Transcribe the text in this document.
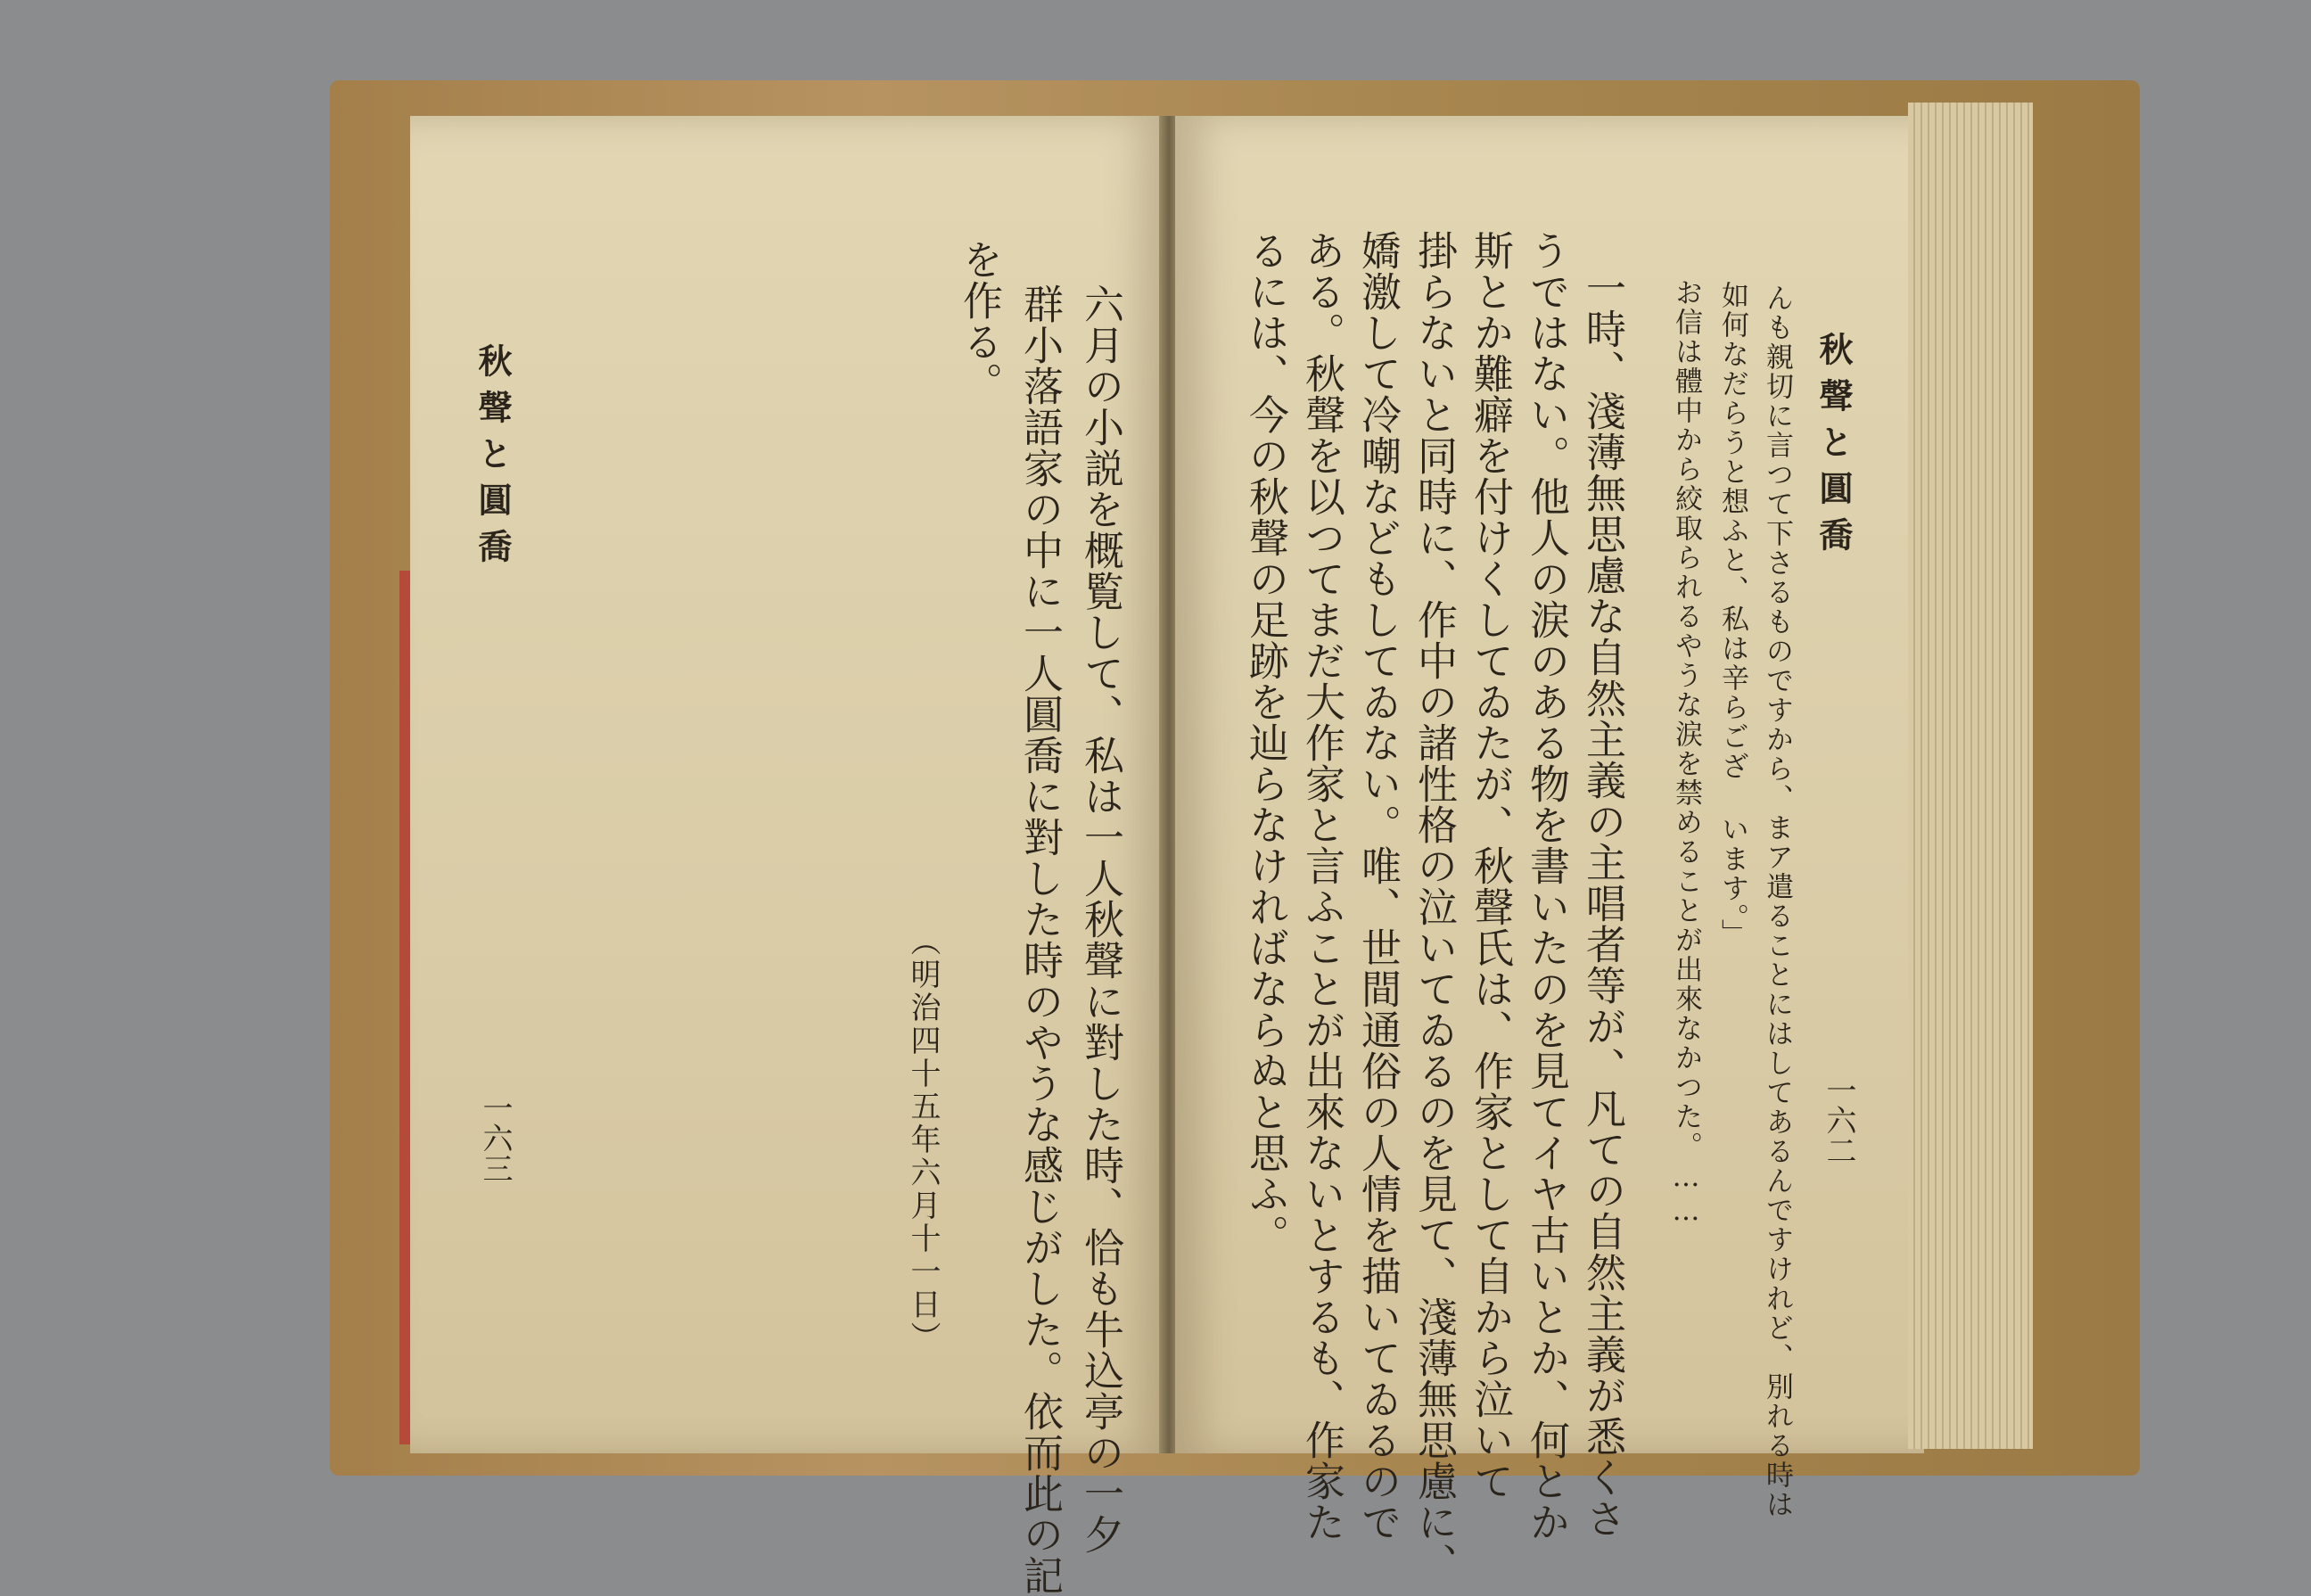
秋聲と圓喬
一六三	六月の小説を概覧して、私は一人秋聲に對した時、恰も牛込亭の一夕
群小落語家の中に一人圓喬に對した時のやうな感じがした。依而此の記
を作る。
（明治四十五年六月十一日）
秋聲と圓喬
一六二
んも親切に言つて下さるものですから、まア遣ることにはしてあるんですけれど、別れる時は
如何なだらうと想ふと、私は辛らござ います。」
お信は體中から絞取られるやうな涙を禁めることが出來なかつた。……
一時、淺薄無思慮な自然主義の主唱者等が、凡ての自然主義が悉くさ
うではない。他人の涙のある物を書いたのを見てイヤ古いとか、何とか
斯とか難癖を付けくしてゐたが、秋聲氏は、作家として自から泣いて
掛らないと同時に、作中の諸性格の泣いてゐるのを見て、淺薄無思慮に、
嬌激して冷嘲などもしてゐない。唯、世間通俗の人情を描いてゐるので
ある。秋聲を以つてまだ大作家と言ふことが出來ないとするも、作家た
るには、今の秋聲の足跡を辿らなければならぬと思ふ。
